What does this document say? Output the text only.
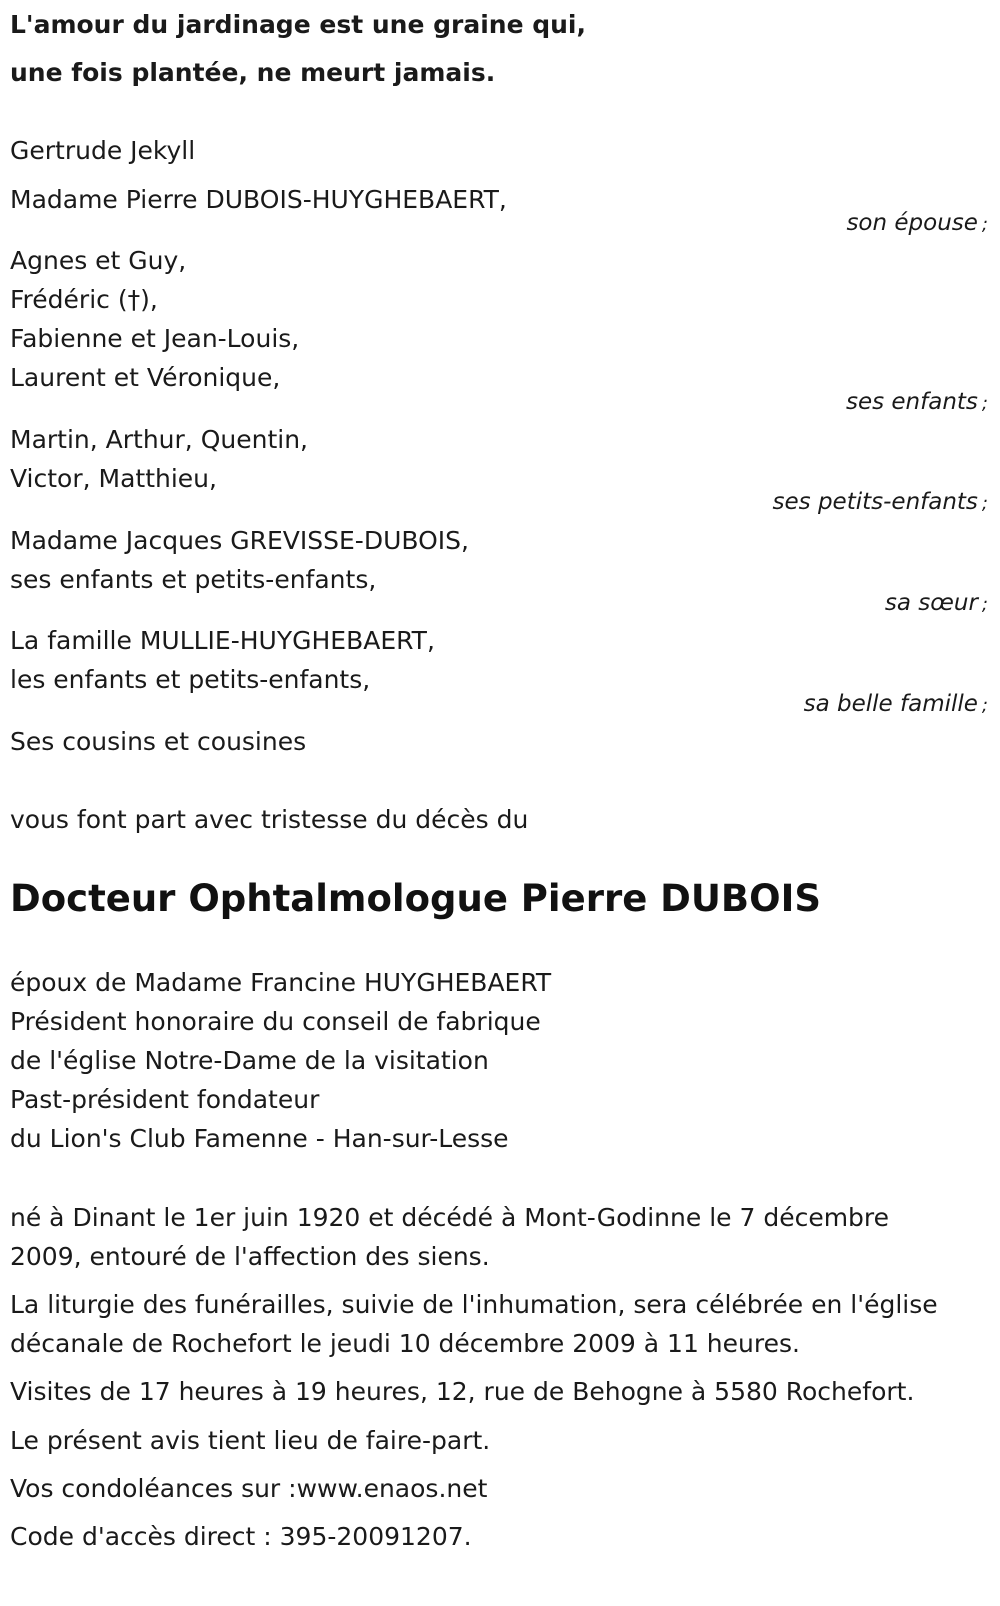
L'amour du jardinage est une graine qui,
une fois plantée, ne meurt jamais.
Gertrude Jekyll
Madame Pierre DUBOIS-HUYGHEBAERT,
son épouse ;
Agnes et Guy,
Frédéric (†),
Fabienne et Jean-Louis,
Laurent et Véronique,
ses enfants ;
Martin, Arthur, Quentin,
Victor, Matthieu,
ses petits-enfants ;
Madame Jacques GREVISSE-DUBOIS,
ses enfants et petits-enfants,
sa sœur ;
La famille MULLIE-HUYGHEBAERT,
les enfants et petits-enfants,
sa belle famille ;
Ses cousins et cousines
vous font part avec tristesse du décès du
Docteur Ophtalmologue Pierre DUBOIS
époux de Madame Francine HUYGHEBAERT
Président honoraire du conseil de fabrique
de l'église Notre-Dame de la visitation
Past-président fondateur
du Lion's Club Famenne - Han-sur-Lesse
né à Dinant le 1er juin 1920 et décédé à Mont-Godinne le 7 décembre
2009, entouré de l'affection des siens.
La liturgie des funérailles, suivie de l'inhumation, sera célébrée en l'église
décanale de Rochefort le jeudi 10 décembre 2009 à 11 heures.
Visites de 17 heures à 19 heures, 12, rue de Behogne à 5580 Rochefort.
Le présent avis tient lieu de faire-part.
Vos condoléances sur :www.enaos.net
Code d'accès direct : 395-20091207.
